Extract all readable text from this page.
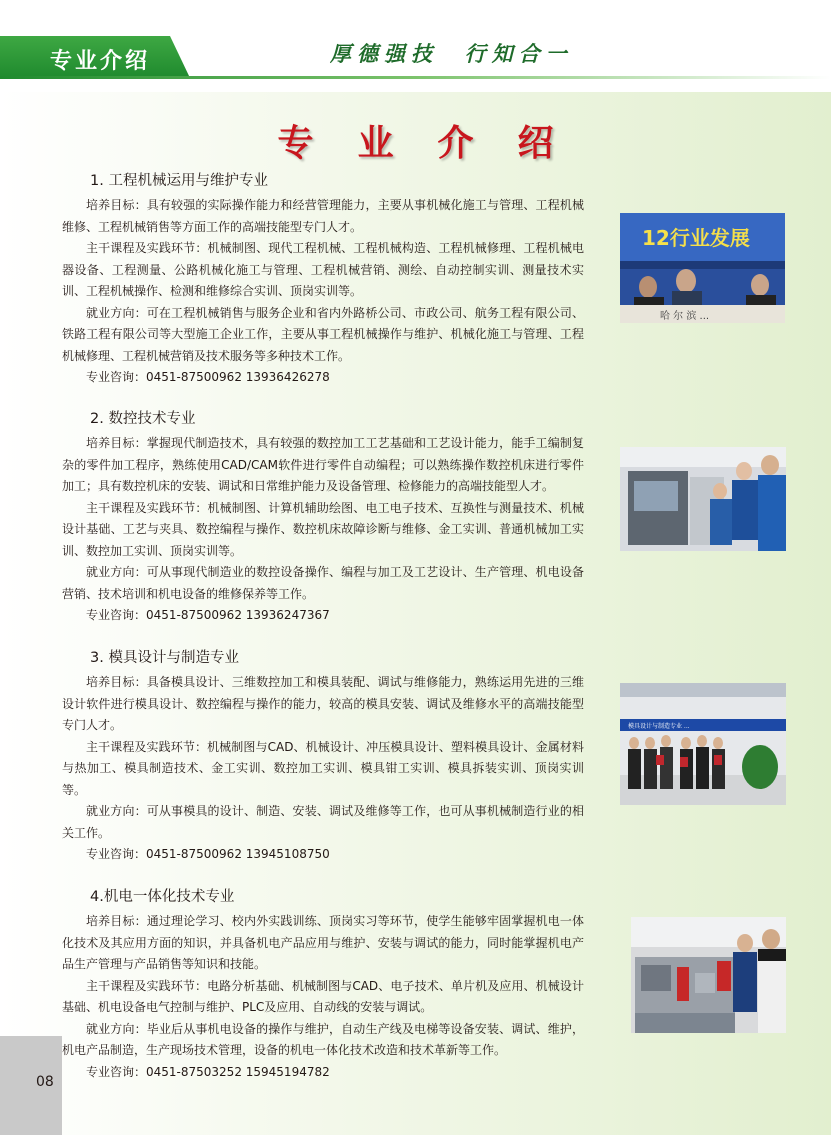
专业介绍	厚德强技  行知合一
专业介绍
1. 工程机械运用与维护专业

培养目标：具有较强的实际操作能力和经营管理能力，主要从事机械化施工与管理、工程机械维修、工程机械销售等方面工作的高端技能型专门人才。

主干课程及实践环节：机械制图、现代工程机械、工程机械构造、工程机械修理、工程机械电器设备、工程测量、公路机械化施工与管理、工程机械营销、测绘、自动控制实训、测量技术实训、工程机械操作、检测和维修综合实训、顶岗实训等。

就业方向：可在工程机械销售与服务企业和省内外路桥公司、市政公司、航务工程有限公司、铁路工程有限公司等大型施工企业工作，主要从事工程机械操作与维护、机械化施工与管理、工程机械修理、工程机械营销及技术服务等多种技术工作。

专业咨询：0451-87500962 13936426278

2. 数控技术专业

培养目标：掌握现代制造技术，具有较强的数控加工工艺基础和工艺设计能力，能手工编制复杂的零件加工程序，熟练使用CAD/CAM软件进行零件自动编程；可以熟练操作数控机床进行零件加工；具有数控机床的安装、调试和日常维护能力及设备管理、检修能力的高端技能型人才。

主干课程及实践环节：机械制图、计算机辅助绘图、电工电子技术、互换性与测量技术、机械设计基础、工艺与夹具、数控编程与操作、数控机床故障诊断与维修、金工实训、普通机械加工实训、数控加工实训、顶岗实训等。

就业方向：可从事现代制造业的数控设备操作、编程与加工及工艺设计、生产管理、机电设备营销、技术培训和机电设备的维修保养等工作。

专业咨询：0451-87500962 13936247367

3. 模具设计与制造专业

培养目标：具备模具设计、三维数控加工和模具装配、调试与维修能力，熟练运用先进的三维设计软件进行模具设计、数控编程与操作的能力，较高的模具安装、调试及维修水平的高端技能型专门人才。

主干课程及实践环节：机械制图与CAD、机械设计、冲压模具设计、塑料模具设计、金属材料与热加工、模具制造技术、金工实训、数控加工实训、模具钳工实训、模具拆装实训、顶岗实训等。

就业方向：可从事模具的设计、制造、安装、调试及维修等工作，也可从事机械制造行业的相关工作。

专业咨询：0451-87500962 13945108750

4.机电一体化技术专业

培养目标：通过理论学习、校内外实践训练、顶岗实习等环节，使学生能够牢固掌握机电一体化技术及其应用方面的知识，并具备机电产品应用与维护、安装与调试的能力，同时能掌握机电产品生产管理与产品销售等知识和技能。

主干课程及实践环节：电路分析基础、机械制图与CAD、电子技术、单片机及应用、机械设计基础、机电设备电气控制与维护、PLC及应用、自动线的安装与调试。

就业方向：毕业后从事机电设备的操作与维护，自动生产线及电梯等设备安装、调试、维护，机电产品制造，生产现场技术管理，设备的机电一体化技术改造和技术革新等工作。

专业咨询：0451-87503252 15945194782

12行业发展
哈 尔 滨 ...
模具设计与制造专业 ...
08
